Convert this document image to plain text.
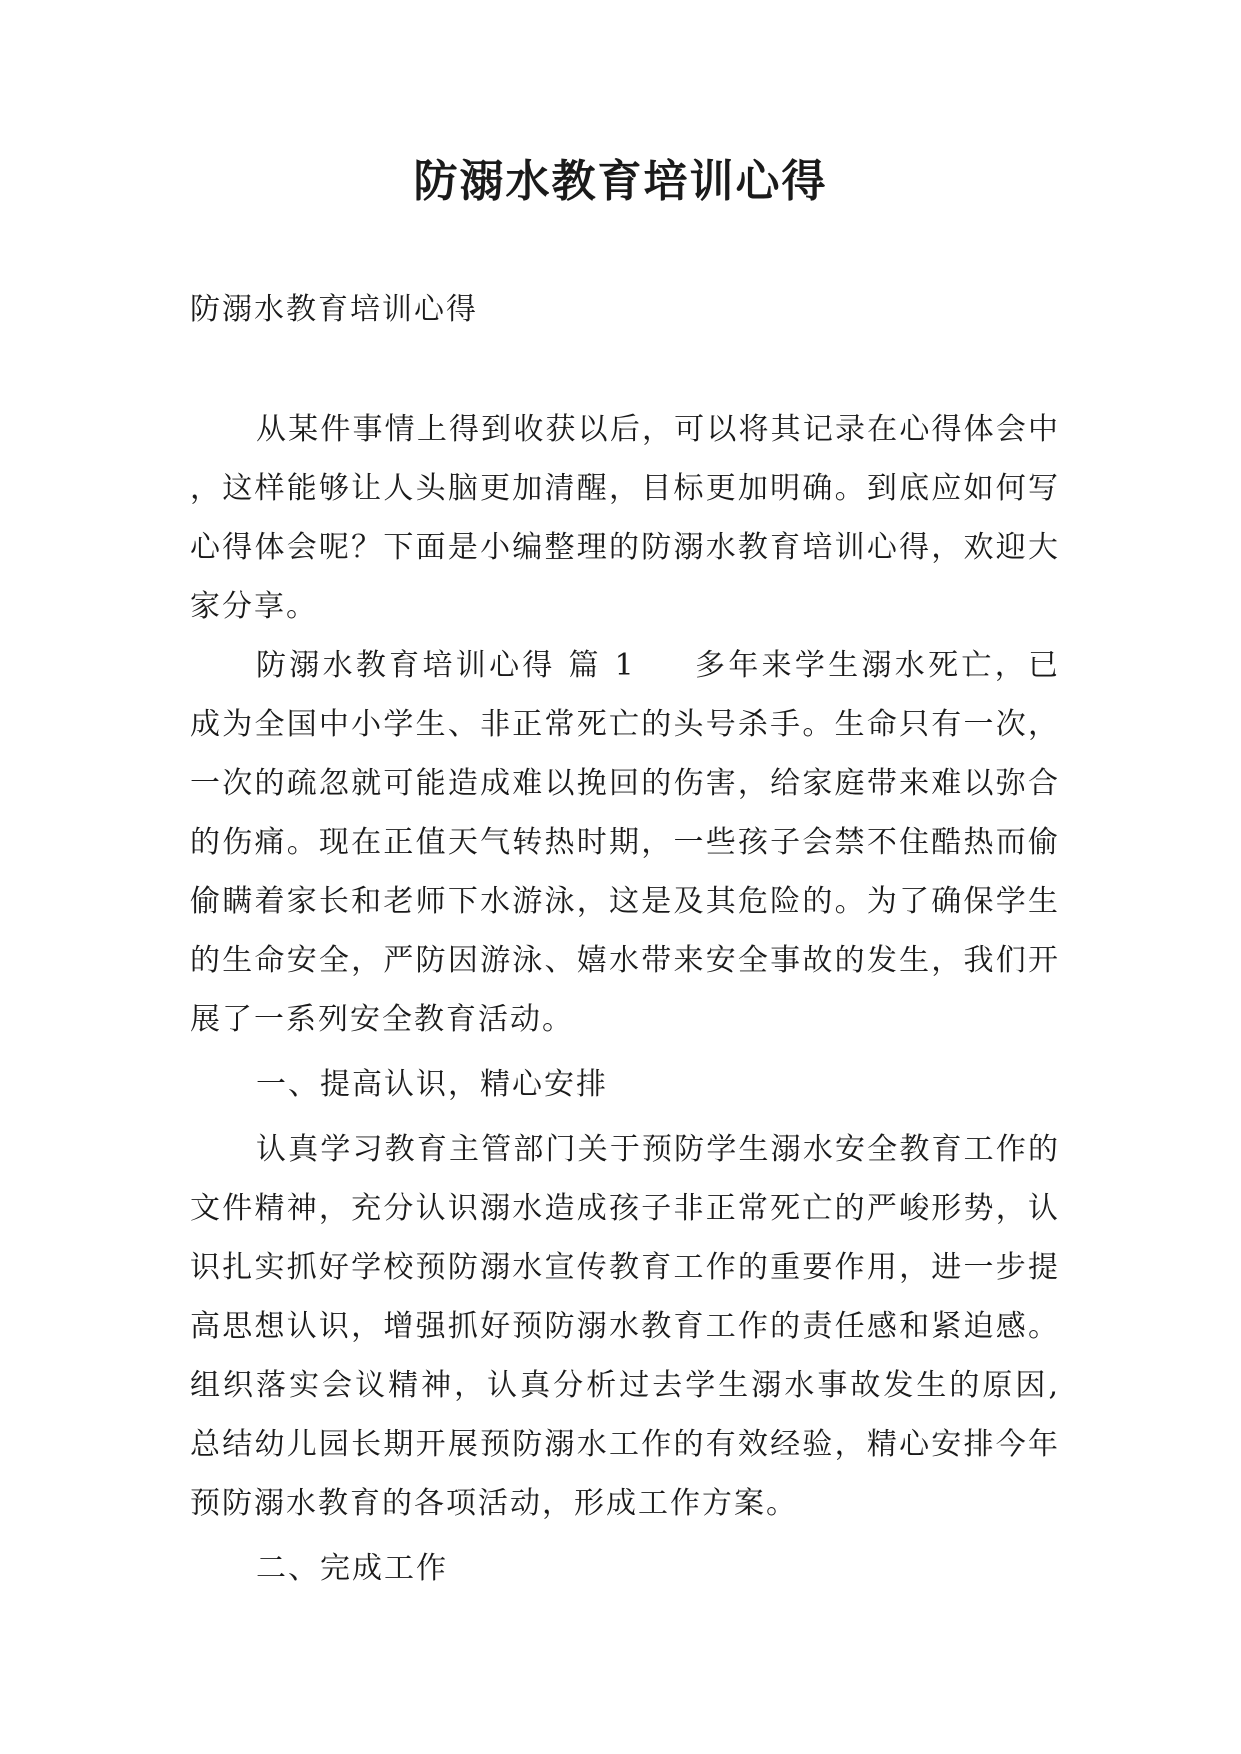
防溺水教育培训心得
防溺水教育培训心得

从某件事情上得到收获以后，可以将其记录在心得体会中，这样能够让人头脑更加清醒，目标更加明确。到底应如何写心得体会呢？下面是小编整理的防溺水教育培训心得，欢迎大家分享。

防溺水教育培训心得 篇 1 多年来学生溺水死亡，已成为全国中小学生、非正常死亡的头号杀手。生命只有一次，一次的疏忽就可能造成难以挽回的伤害，给家庭带来难以弥合的伤痛。现在正值天气转热时期，一些孩子会禁不住酷热而偷偷瞒着家长和老师下水游泳，这是及其危险的。为了确保学生的生命安全，严防因游泳、嬉水带来安全事故的发生，我们开展了一系列安全教育活动。

一、提高认识，精心安排

认真学习教育主管部门关于预防学生溺水安全教育工作的文件精神，充分认识溺水造成孩子非正常死亡的严峻形势，认识扎实抓好学校预防溺水宣传教育工作的重要作用，进一步提高思想认识，增强抓好预防溺水教育工作的责任感和紧迫感。组织落实会议精神，认真分析过去学生溺水事故发生的原因,总结幼儿园长期开展预防溺水工作的有效经验，精心安排今年预防溺水教育的各项活动，形成工作方案。

二、完成工作
